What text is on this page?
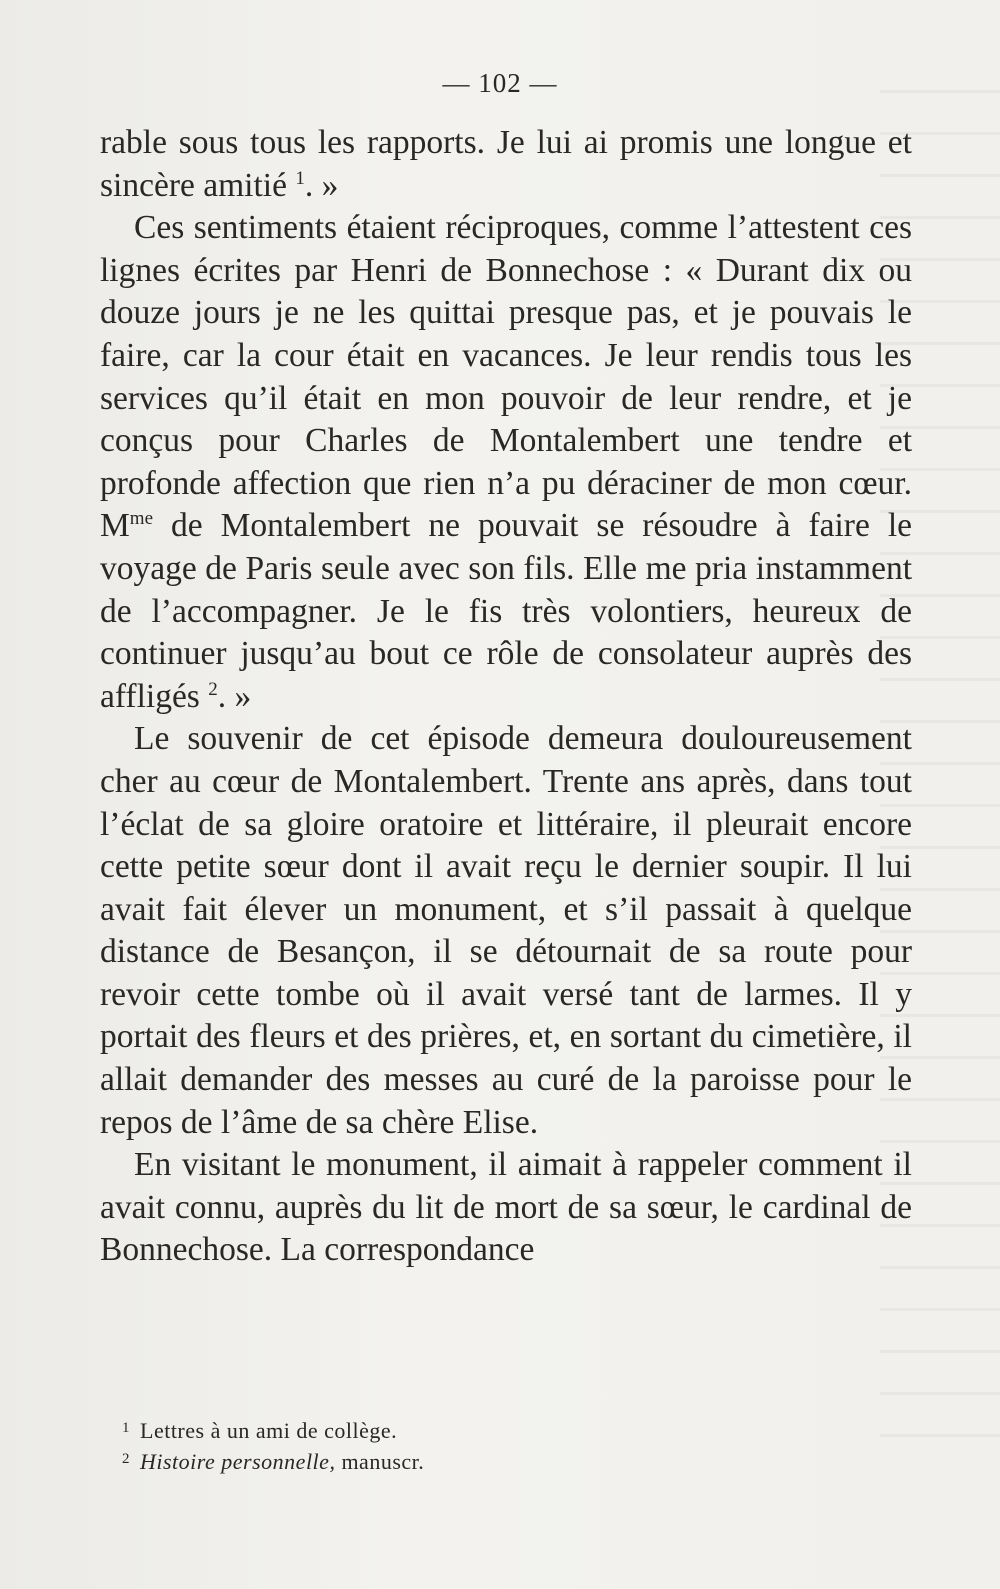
— 102 —

rable sous tous les rapports. Je lui ai promis une longue et sincère amitié $^1$. »

Ces sentiments étaient réciproques, comme l’attestent ces lignes écrites par Henri de Bonnechose : « Durant dix ou douze jours je ne les quittai presque pas, et je pouvais le faire, car la cour était en vacances. Je leur rendis tous les services qu’il était en mon pouvoir de leur rendre, et je conçus pour Charles de Montalembert une tendre et profonde affection que rien n’a pu déraciner de mon cœur. $M^{me}$ de Montalembert ne pouvait se résoudre à faire le voyage de Paris seule avec son fils. Elle me pria instamment de l’accompagner. Je le fis très volontiers, heureux de continuer jusqu’au bout ce rôle de consolateur auprès des affligés $^2$. »

Le souvenir de cet épisode demeura douloureusement cher au cœur de Montalembert. Trente ans après, dans tout l’éclat de sa gloire oratoire et littéraire, il pleurait encore cette petite sœur dont il avait reçu le dernier soupir. Il lui avait fait élever un monument, et s’il passait à quelque distance de Besançon, il se détournait de sa route pour revoir cette tombe où il avait versé tant de larmes. Il y portait des fleurs et des prières, et, en sortant du cimetière, il allait demander des messes au curé de la paroisse pour le repos de l’âme de sa chère Elise.

En visitant le monument, il aimait à rappeler comment il avait connu, auprès du lit de mort de sa sœur, le cardinal de Bonnechose. La correspondance

$^1$ Lettres à un ami de collège.

$^2$ Histoire personnelle, manuscr.
